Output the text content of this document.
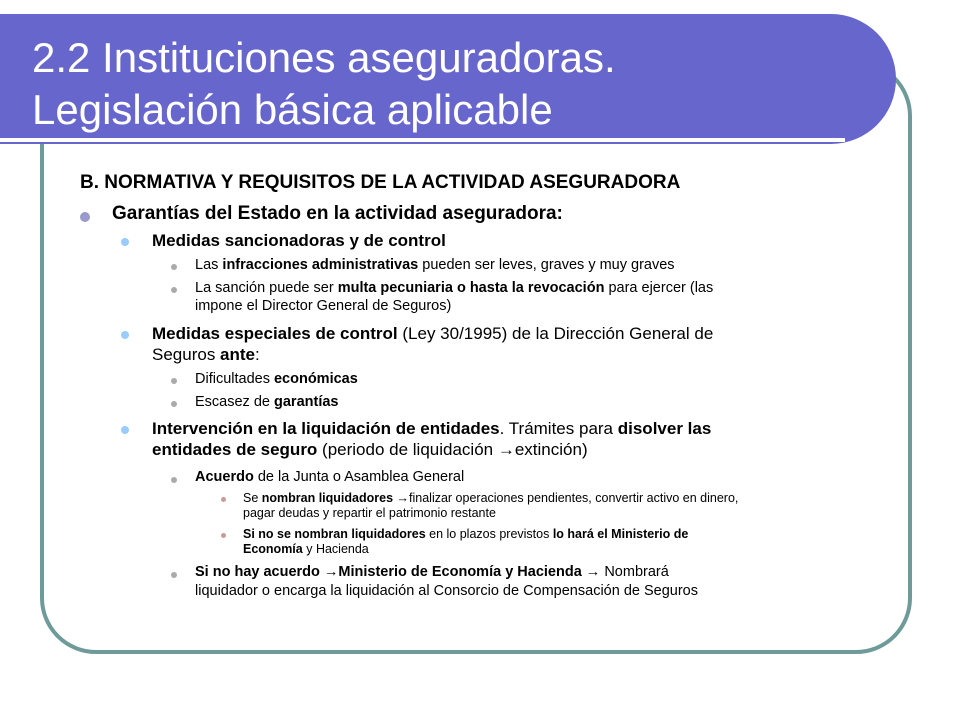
2.2 Instituciones aseguradoras.
Legislación básica aplicable
B. NORMATIVA Y REQUISITOS DE LA ACTIVIDAD ASEGURADORA
Garantías del Estado en la actividad aseguradora:
Medidas sancionadoras y de control
Las infracciones administrativas pueden ser leves, graves y muy graves
La sanción puede ser multa pecuniaria o hasta la revocación para ejercer (las
impone el Director General de Seguros)
Medidas especiales de control (Ley 30/1995) de la Dirección General de
Seguros ante:
Dificultades económicas
Escasez de garantías
Intervención en la liquidación de entidades. Trámites para disolver las
entidades de seguro (periodo de liquidación →extinción)
Acuerdo de la Junta o Asamblea General
Se nombran liquidadores →finalizar operaciones pendientes, convertir activo en dinero,
pagar deudas y repartir el patrimonio restante
Si no se nombran liquidadores en lo plazos previstos lo hará el Ministerio de
Economía y Hacienda
Si no hay acuerdo →Ministerio de Economía y Hacienda → Nombrará
liquidador o encarga la liquidación al Consorcio de Compensación de Seguros
